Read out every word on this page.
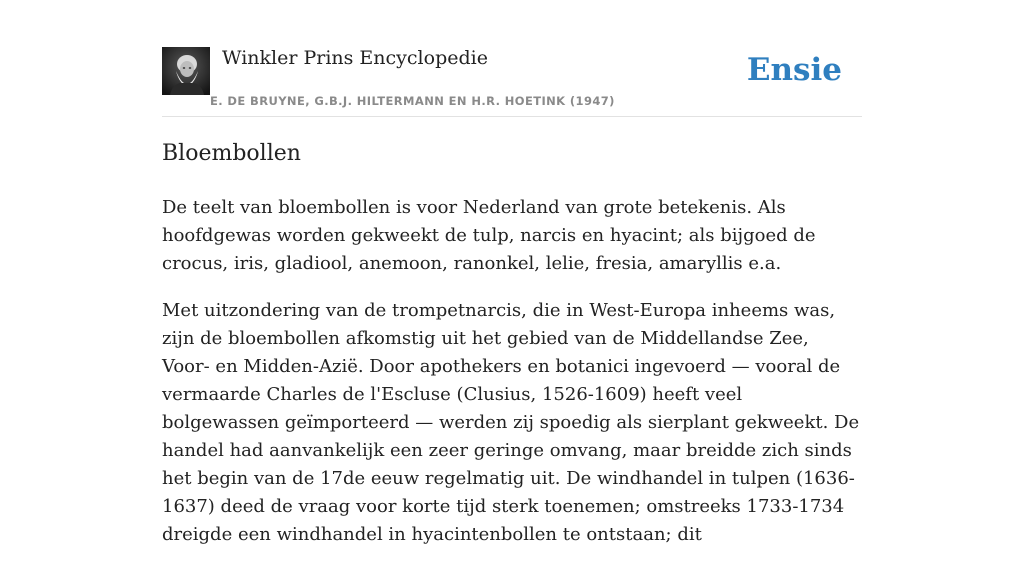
Winkler Prins Encyclopedie
E. DE BRUYNE, G.B.J. HILTERMANN EN H.R. HOETINK (1947)
Ensie
Bloembollen

De teelt van bloembollen is voor Nederland van grote betekenis. Als hoofdgewas worden gekweekt de tulp, narcis en hyacint; als bijgoed de crocus, iris, gladiool, anemoon, ranonkel, lelie, fresia, amaryllis e.a.

Met uitzondering van de trompetnarcis, die in West-Europa inheems was, zijn de bloembollen afkomstig uit het gebied van de Middellandse Zee, Voor- en Midden-Azië. Door apothekers en botanici ingevoerd — vooral de vermaarde Charles de l'Escluse (Clusius, 1526-1609) heeft veel bolgewassen geïmporteerd — werden zij spoedig als sierplant gekweekt. De handel had aanvankelijk een zeer geringe omvang, maar breidde zich sinds het begin van de 17de eeuw regelmatig uit. De windhandel in tulpen (1636-1637) deed de vraag voor korte tijd sterk toenemen; omstreeks 1733-1734 dreigde een windhandel in hyacintenbollen te ontstaan; dit
